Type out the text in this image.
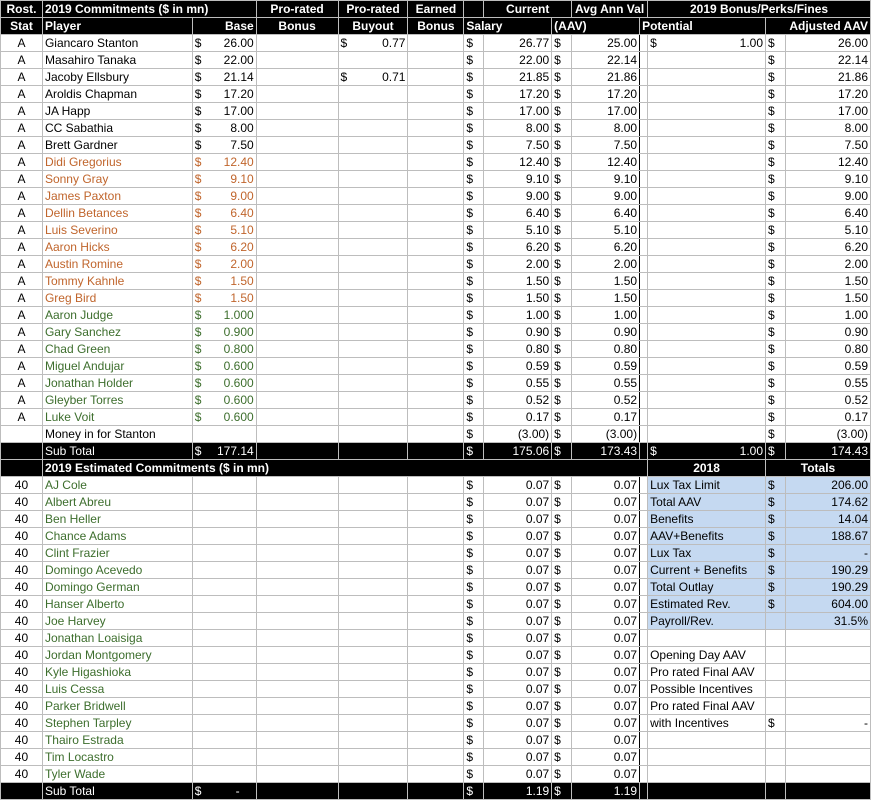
Rost.	2019 Commitments ($ in mn)		Pro-rated	Pro-rated	Earned		Current		Avg Ann Val		2019 Bonus/Perks/Fines		
Stat	Player	Base	Bonus	Buyout	Bonus	Salary		(AAV)		Potential		Adjusted AAV	
A	Giancaro Stanton	$ 26.00		$ 0.77		$	26.77	$	25.00		$ 1.00	$	26.00
A	Masahiro Tanaka	$ 22.00				$	22.00	$	22.14			$	22.14
A	Jacoby Ellsbury	$ 21.14		$ 0.71		$	21.85	$	21.86			$	21.86
A	Aroldis Chapman	$ 17.20				$	17.20	$	17.20			$	17.20
A	JA Happ	$ 17.00				$	17.00	$	17.00			$	17.00
A	CC Sabathia	$ 8.00				$	8.00	$	8.00			$	8.00
A	Brett Gardner	$ 7.50				$	7.50	$	7.50			$	7.50
A	Didi Gregorius	$ 12.40				$	12.40	$	12.40			$	12.40
A	Sonny Gray	$ 9.10				$	9.10	$	9.10			$	9.10
A	James Paxton	$ 9.00				$	9.00	$	9.00			$	9.00
A	Dellin Betances	$ 6.40				$	6.40	$	6.40			$	6.40
A	Luis Severino	$ 5.10				$	5.10	$	5.10			$	5.10
A	Aaron Hicks	$ 6.20				$	6.20	$	6.20			$	6.20
A	Austin Romine	$ 2.00				$	2.00	$	2.00			$	2.00
A	Tommy Kahnle	$ 1.50				$	1.50	$	1.50			$	1.50
A	Greg Bird	$ 1.50				$	1.50	$	1.50			$	1.50
A	Aaron Judge	$ 1.000				$	1.00	$	1.00			$	1.00
A	Gary Sanchez	$ 0.900				$	0.90	$	0.90			$	0.90
A	Chad Green	$ 0.800				$	0.80	$	0.80			$	0.80
A	Miguel Andujar	$ 0.600				$	0.59	$	0.59			$	0.59
A	Jonathan Holder	$ 0.600				$	0.55	$	0.55			$	0.55
A	Gleyber Torres	$ 0.600				$	0.52	$	0.52			$	0.52
A	Luke Voit	$ 0.600				$	0.17	$	0.17			$	0.17
	Money in for Stanton					$	(3.00)	$	(3.00)			$	(3.00)
	Sub Total	$ 177.14				$	175.06	$	173.43		$ 1.00	$	174.43
	2019 Estimated Commitments ($ in mn)										2018	Totals	
40	AJ Cole					$	0.07	$	0.07		Lux Tax Limit	$	206.00
40	Albert Abreu					$	0.07	$	0.07		Total AAV	$	174.62
40	Ben Heller					$	0.07	$	0.07		Benefits	$	14.04
40	Chance Adams					$	0.07	$	0.07		AAV+Benefits	$	188.67
40	Clint Frazier					$	0.07	$	0.07		Lux Tax	$	-
40	Domingo Acevedo					$	0.07	$	0.07		Current + Benefits	$	190.29
40	Domingo German					$	0.07	$	0.07		Total Outlay	$	190.29
40	Hanser Alberto					$	0.07	$	0.07		Estimated Rev.	$	604.00
40	Joe Harvey					$	0.07	$	0.07		Payroll/Rev.		31.5%
40	Jonathan Loaisiga					$	0.07	$	0.07				
40	Jordan Montgomery					$	0.07	$	0.07		Opening Day AAV		
40	Kyle Higashioka					$	0.07	$	0.07		Pro rated Final AAV		
40	Luis Cessa					$	0.07	$	0.07		Possible Incentives		
40	Parker Bridwell					$	0.07	$	0.07		Pro rated Final AAV		
40	Stephen Tarpley					$	0.07	$	0.07		with Incentives	$	-
40	Thairo Estrada					$	0.07	$	0.07				
40	Tim Locastro					$	0.07	$	0.07				
40	Tyler Wade					$	0.07	$	0.07				
	Sub Total	$ -				$	1.19	$	1.19				
